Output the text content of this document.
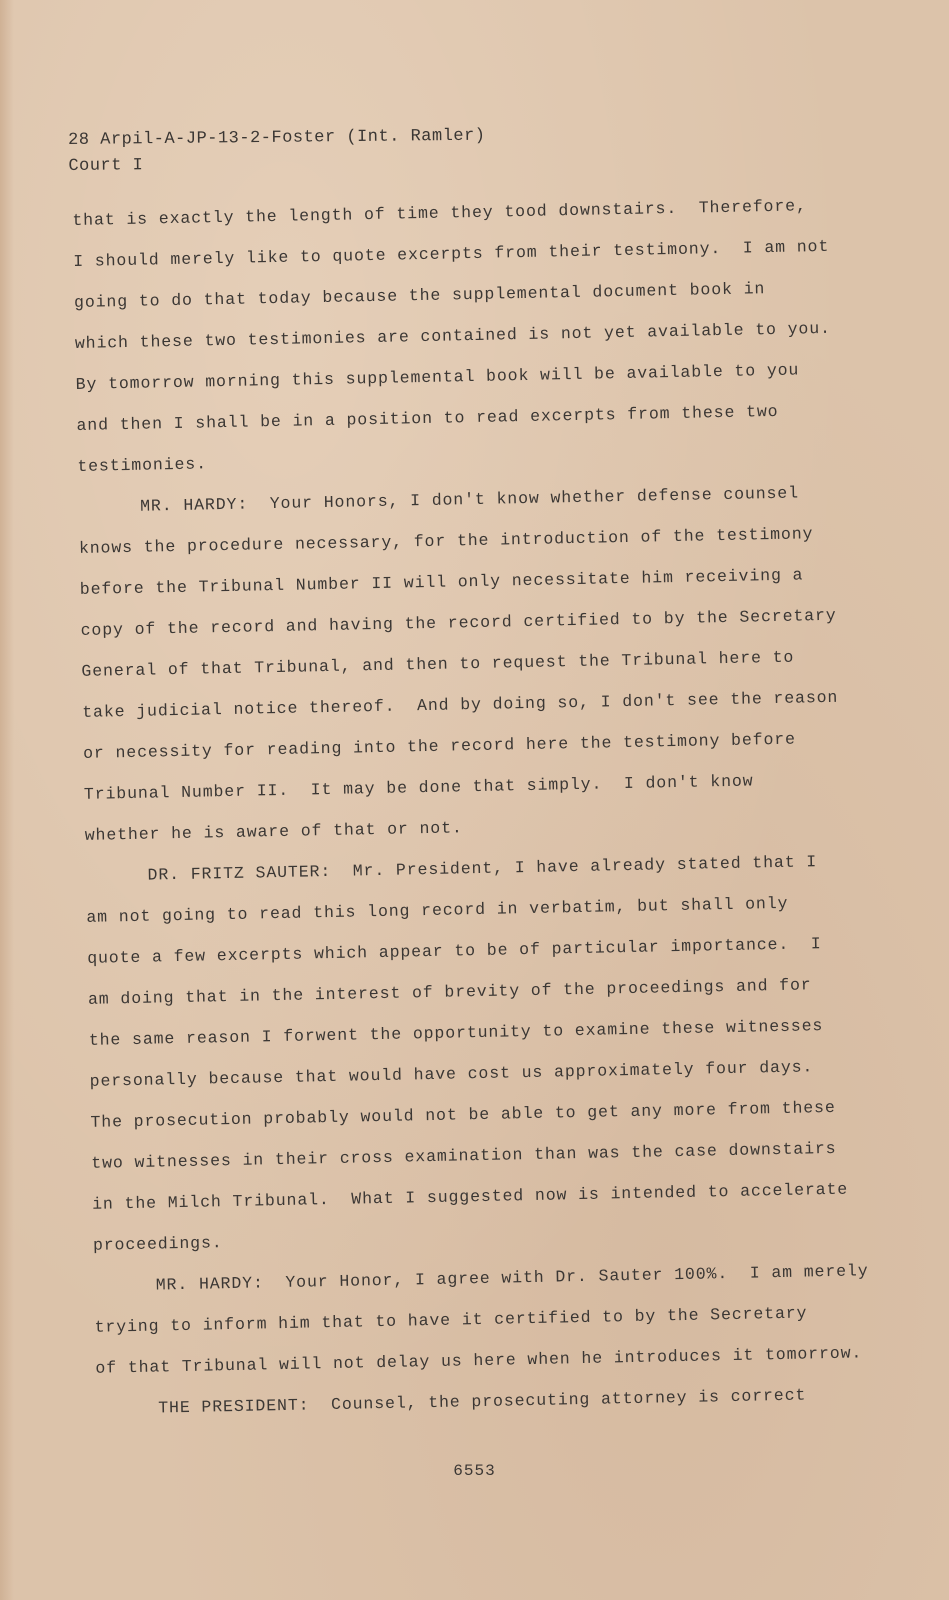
28 Arpil-A-JP-13-2-Foster (Int. Ramler)
Court I
that is exactly the length of time they tood downstairs.  Therefore,
I should merely like to quote excerpts from their testimony.  I am not
going to do that today because the supplemental document book in
which these two testimonies are contained is not yet available to you.
By tomorrow morning this supplemental book will be available to you
and then I shall be in a position to read excerpts from these two
testimonies.
MR. HARDY:  Your Honors, I don't know whether defense counsel
knows the procedure necessary, for the introduction of the testimony
before the Tribunal Number II will only necessitate him receiving a
copy of the record and having the record certified to by the Secretary
General of that Tribunal, and then to request the Tribunal here to
take judicial notice thereof.  And by doing so, I don't see the reason
or necessity for reading into the record here the testimony before
Tribunal Number II.  It may be done that simply.  I don't know
whether he is aware of that or not.
DR. FRITZ SAUTER:  Mr. President, I have already stated that I
am not going to read this long record in verbatim, but shall only
quote a few excerpts which appear to be of particular importance.  I
am doing that in the interest of brevity of the proceedings and for
the same reason I forwent the opportunity to examine these witnesses
personally because that would have cost us approximately four days.
The prosecution probably would not be able to get any more from these
two witnesses in their cross examination than was the case downstairs
in the Milch Tribunal.  What I suggested now is intended to accelerate
proceedings.
MR. HARDY:  Your Honor, I agree with Dr. Sauter 100%.  I am merely
trying to inform him that to have it certified to by the Secretary
of that Tribunal will not delay us here when he introduces it tomorrow.
THE PRESIDENT:  Counsel, the prosecuting attorney is correct
6553
